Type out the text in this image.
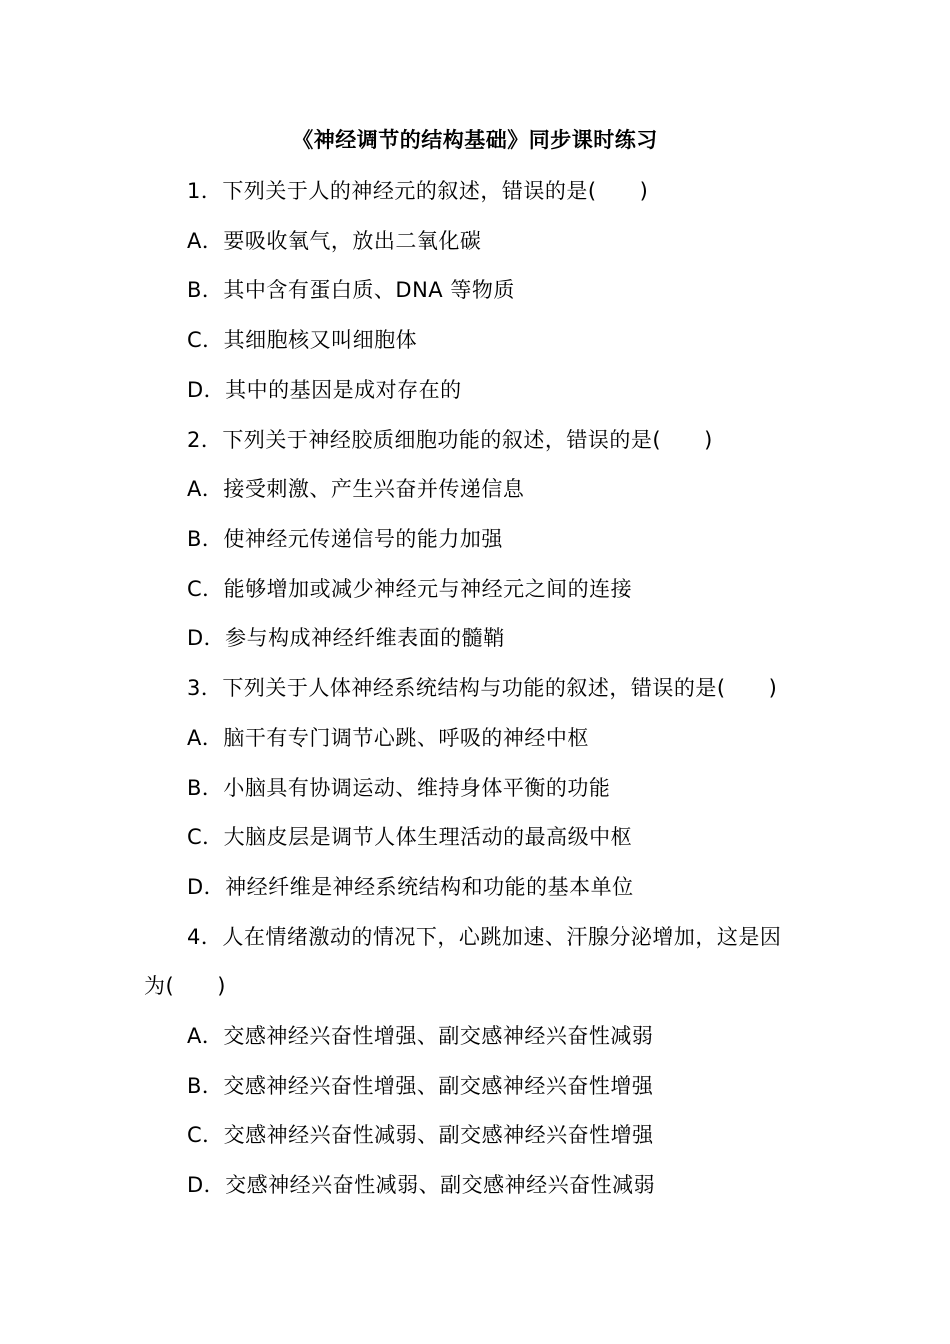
《神经调节的结构基础》同步课时练习
1．下列关于人的神经元的叙述，错误的是(　　)
A．要吸收氧气，放出二氧化碳
B．其中含有蛋白质、DNA 等物质
C．其细胞核又叫细胞体
D．其中的基因是成对存在的
2．下列关于神经胶质细胞功能的叙述，错误的是(　　)
A．接受刺激、产生兴奋并传递信息
B．使神经元传递信号的能力加强
C．能够增加或减少神经元与神经元之间的连接
D．参与构成神经纤维表面的髓鞘
3．下列关于人体神经系统结构与功能的叙述，错误的是(　　)
A．脑干有专门调节心跳、呼吸的神经中枢
B．小脑具有协调运动、维持身体平衡的功能
C．大脑皮层是调节人体生理活动的最高级中枢
D．神经纤维是神经系统结构和功能的基本单位
4．人在情绪激动的情况下，心跳加速、汗腺分泌增加，这是因
为(　　)
A．交感神经兴奋性增强、副交感神经兴奋性减弱
B．交感神经兴奋性增强、副交感神经兴奋性增强
C．交感神经兴奋性减弱、副交感神经兴奋性增强
D．交感神经兴奋性减弱、副交感神经兴奋性减弱
